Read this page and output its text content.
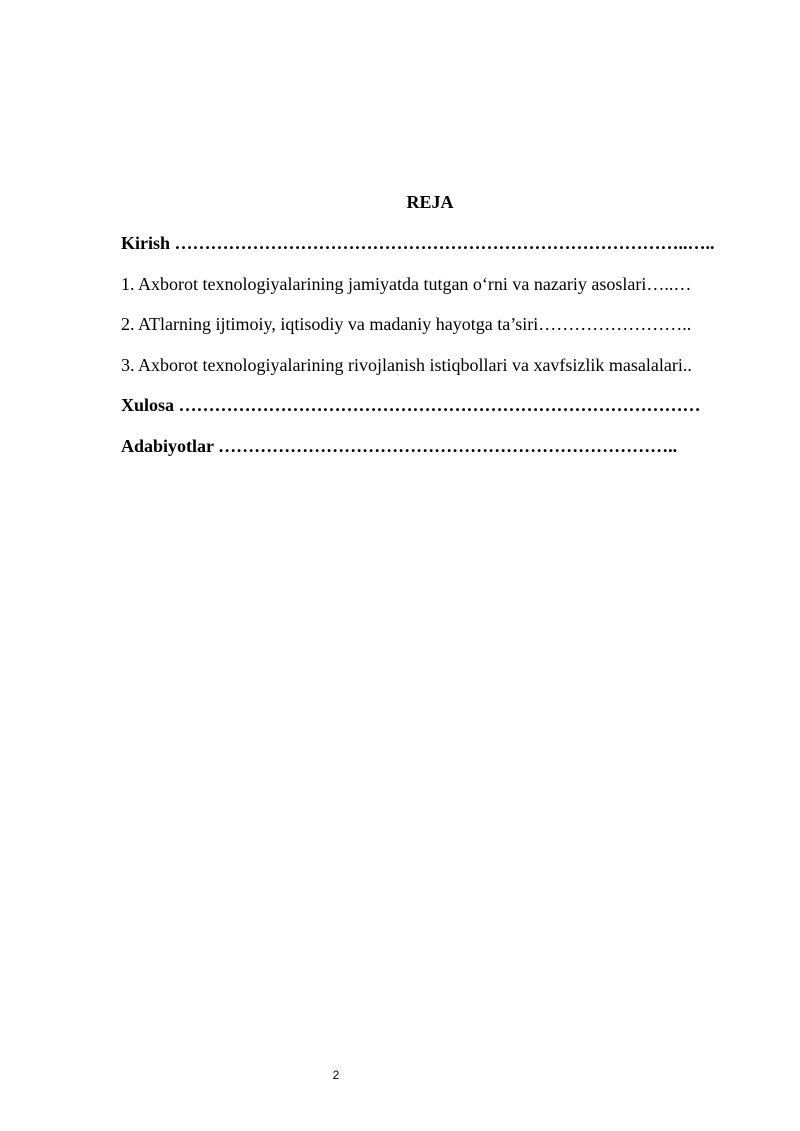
REJA
Kirish …………………………………………………………………………..…..
1. Axborot texnologiyalarining jamiyatda tutgan o‘rni va nazariy asoslari…..…
2. ATlarning ijtimoiy, iqtisodiy va madaniy hayotga ta’siri……………………..
3. Axborot texnologiyalarining rivojlanish istiqbollari va xavfsizlik masalalari..
Xulosa ……………………………………………………………………………
Adabiyotlar …………………………………………………………………..
2
